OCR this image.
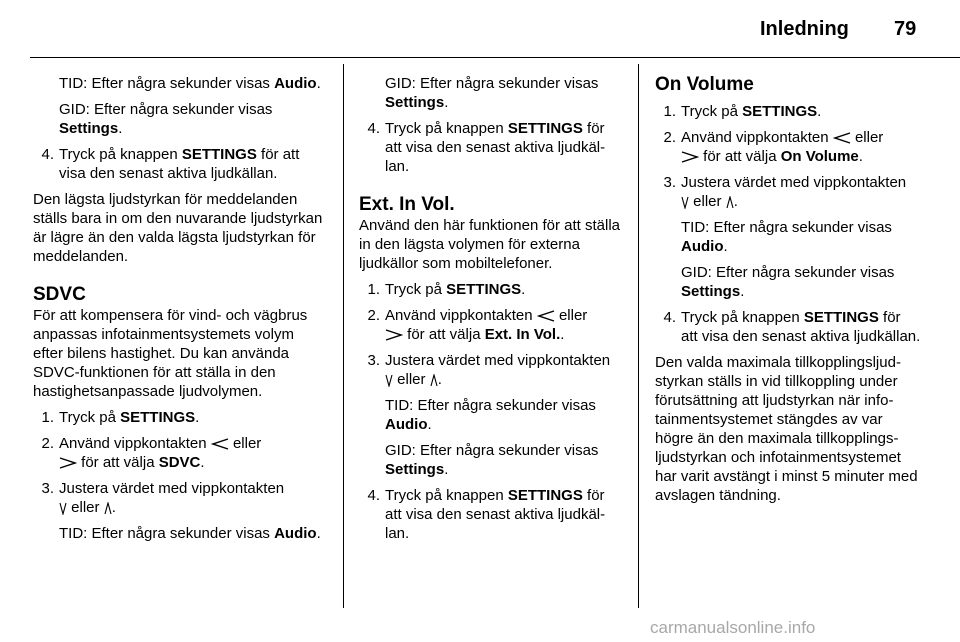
Inledning 79
TID: Efter några sekunder visas Audio.
GID: Efter några sekunder visas Settings.
4. Tryck på knappen SETTINGS för att visa den senast aktiva ljudkällan.
Den lägsta ljudstyrkan för meddelanden ställs bara in om den nuvarande ljudstyrkan är lägre än den valda lägsta ljudstyrkan för meddelanden.
SDVC
För att kompensera för vind- och vägbrus anpassas infotainmentsystemets volym efter bilens hastighet. Du kan använda SDVC-funktionen för att ställa in den hastighetsanpassade ljudvolymen.
1. Tryck på SETTINGS.
2. Använd vippkontakten  eller
för att välja SDVC.
3. Justera värdet med vippkontakten
eller .
TID: Efter några sekunder visas Audio.
GID: Efter några sekunder visas Settings.
4. Tryck på knappen SETTINGS för att visa den senast aktiva ljudkällan.
Ext. In Vol.
Använd den här funktionen för att ställa in den lägsta volymen för externa ljudkällor som mobiltelefoner.
1. Tryck på SETTINGS.
2. Använd vippkontakten  eller
för att välja Ext. In Vol..
3. Justera värdet med vippkontakten
eller .
TID: Efter några sekunder visas Audio.
GID: Efter några sekunder visas Settings.
4. Tryck på knappen SETTINGS för att visa den senast aktiva ljudkällan.
On Volume
1. Tryck på SETTINGS.
2. Använd vippkontakten  eller
för att välja On Volume.
3. Justera värdet med vippkontakten
eller .
TID: Efter några sekunder visas Audio.
GID: Efter några sekunder visas Settings.
4. Tryck på knappen SETTINGS för att visa den senast aktiva ljudkällan.
Den valda maximala tillkopplingsljudstyrkan ställs in vid tillkoppling under förutsättning att ljudstyrkan när infotainmentsystemet stängdes av var högre än den maximala tillkopplingsljudstyrkan och infotainmentsystemet har varit avstängt i minst 5 minuter med avslagen tändning.
carmanualsonline.info
